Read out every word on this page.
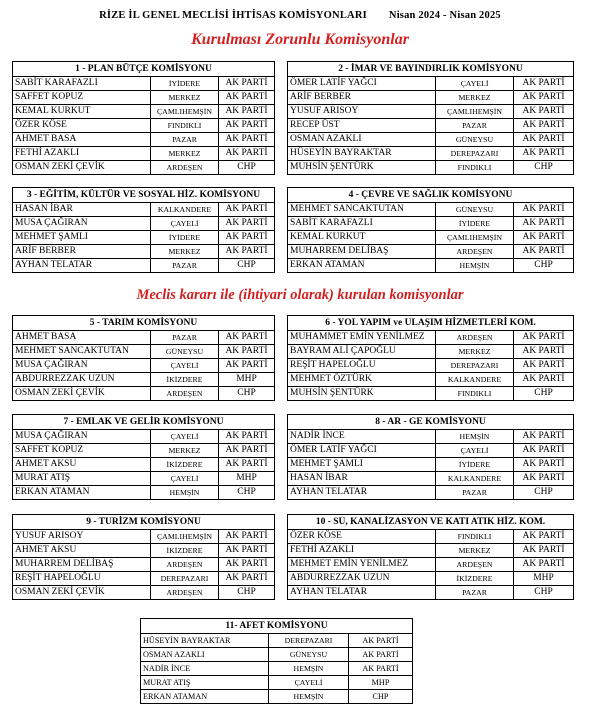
RİZE İL GENEL MECLİSİ İHTİSAS KOMİSYONLARI Nisan 2024 - Nisan 2025
Kurulması Zorunlu Komisyonlar
Meclis kararı ile (ihtiyari olarak) kurulan komisyonlar
1 - PLAN BÜTÇE KOMİSYONU		
SABİT KARAFAZLI	İYİDERE	AK PARTİ
SAFFET KOPUZ	MERKEZ	AK PARTİ
KEMAL KURKUT	ÇAMLIHEMŞİN	AK PARTİ
ÖZER KÖSE	FINDIKLI	AK PARTİ
AHMET BASA	PAZAR	AK PARTİ
FETHİ AZAKLI	MERKEZ	AK PARTİ
OSMAN ZEKİ ÇEVİK	ARDEŞEN	CHP
2 - İMAR VE BAYINDIRLIK KOMİSYONU		
ÖMER LATİF YAĞCI	ÇAYELİ	AK PARTİ
ARİF BERBER	MERKEZ	AK PARTİ
YUSUF ARISOY	ÇAMLIHEMŞİN	AK PARTİ
RECEP ÜST	PAZAR	AK PARTİ
OSMAN AZAKLI	GÜNEYSU	AK PARTİ
HÜSEYİN BAYRAKTAR	DEREPAZARI	AK PARTİ
MUHSİN ŞENTÜRK	FINDIKLI	CHP
3 - EĞİTİM, KÜLTÜR VE SOSYAL HİZ. KOMİSYONU		
HASAN İBAR	KALKANDERE	AK PARTİ
MUSA ÇAĞIRAN	ÇAYELİ	AK PARTİ
MEHMET ŞAMLI	İYİDERE	AK PARTİ
ARİF BERBER	MERKEZ	AK PARTİ
AYHAN TELATAR	PAZAR	CHP
4 - ÇEVRE VE SAĞLIK KOMİSYONU		
MEHMET SANCAKTUTAN	GÜNEYSU	AK PARTİ
SABİT KARAFAZLI	İYİDERE	AK PARTİ
KEMAL KURKUT	ÇAMLIHEMŞİN	AK PARTİ
MUHARREM DELİBAŞ	ARDEŞEN	AK PARTİ
ERKAN ATAMAN	HEMŞİN	CHP
5 - TARIM KOMİSYONU		
AHMET BASA	PAZAR	AK PARTİ
MEHMET SANCAKTUTAN	GÜNEYSU	AK PARTİ
MUSA ÇAĞIRAN	ÇAYELİ	AK PARTİ
ABDURREZZAK UZUN	İKİZDERE	MHP
OSMAN ZEKİ ÇEVİK	ARDEŞEN	CHP
6 - YOL YAPIM ve ULAŞIM HİZMETLERİ KOM.		
MUHAMMET EMİN YENİLMEZ	ARDEŞEN	AK PARTİ
BAYRAM ALİ ÇAPOĞLU	MERKEZ	AK PARTİ
REŞİT HAPELOĞLU	DEREPAZARI	AK PARTİ
MEHMET ÖZTÜRK	KALKANDERE	AK PARTİ
MUHSİN ŞENTÜRK	FINDIKLI	CHP
7 - EMLAK VE GELİR KOMİSYONU		
MUSA ÇAĞIRAN	ÇAYELİ	AK PARTİ
SAFFET KOPUZ	MERKEZ	AK PARTİ
AHMET AKSU	İKİZDERE	AK PARTİ
MURAT ATIŞ	ÇAYELİ	MHP
ERKAN ATAMAN	HEMŞİN	CHP
8 - AR - GE KOMİSYONU		
NADİR İNCE	HEMŞİN	AK PARTİ
ÖMER LATİF YAĞCI	ÇAYELİ	AK PARTİ
MEHMET ŞAMLI	İYİDERE	AK PARTİ
HASAN İBAR	KALKANDERE	AK PARTİ
AYHAN TELATAR	PAZAR	CHP
9 - TURİZM KOMİSYONU		
YUSUF ARISOY	ÇAMLIHEMŞİN	AK PARTİ
AHMET AKSU	İKİZDERE	AK PARTİ
MUHARREM DELİBAŞ	ARDEŞEN	AK PARTİ
REŞİT HAPELOĞLU	DEREPAZARI	AK PARTİ
OSMAN ZEKİ ÇEVİK	ARDEŞEN	CHP
10 - SU, KANALİZASYON VE KATI ATIK HİZ. KOM.		
ÖZER KÖSE	FINDIKLI	AK PARTİ
FETHİ AZAKLI	MERKEZ	AK PARTİ
MEHMET EMİN YENİLMEZ	ARDEŞEN	AK PARTİ
ABDURREZZAK UZUN	İKİZDERE	MHP
AYHAN TELATAR	PAZAR	CHP
11- AFET KOMİSYONU		
HÜSEYİN BAYRAKTAR	DEREPAZARI	AK PARTİ
OSMAN AZAKLI	GÜNEYSU	AK PARTİ
NADİR İNCE	HEMŞİN	AK PARTİ
MURAT ATIŞ	ÇAYELİ	MHP
ERKAN ATAMAN	HEMŞİN	CHP
